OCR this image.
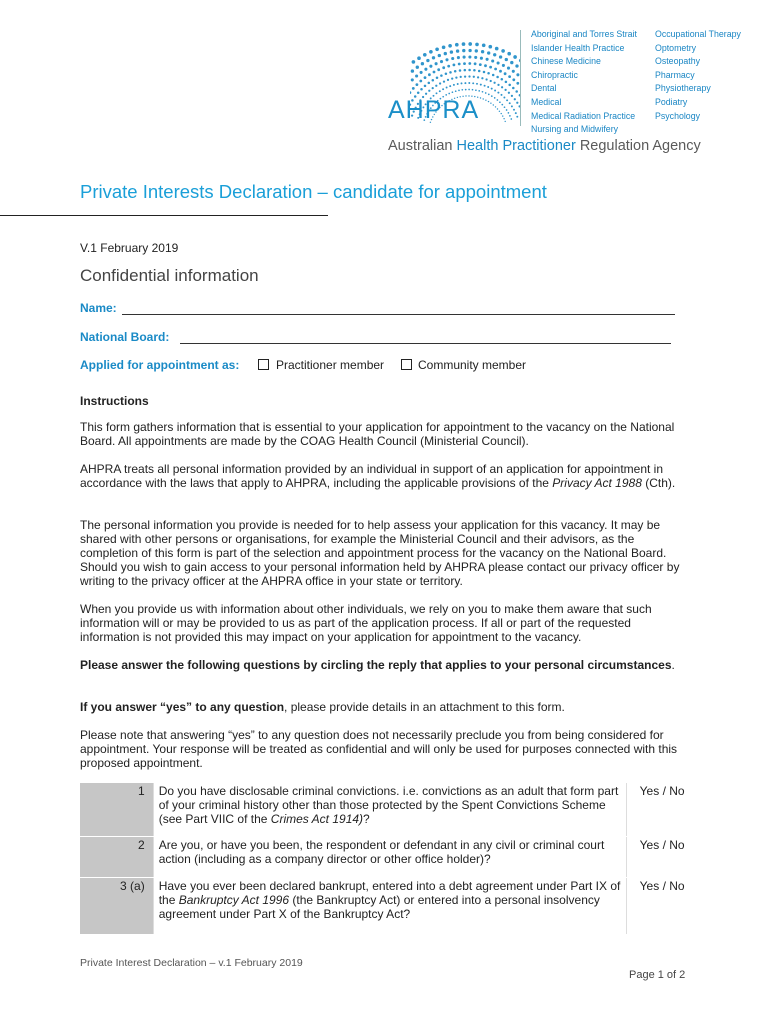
AHPRA
Aboriginal and Torres Strait
Islander Health Practice
Chinese Medicine
Chiropractic
Dental
Medical
Medical Radiation Practice
Nursing and Midwifery
Occupational Therapy
Optometry
Osteopathy
Pharmacy
Physiotherapy
Podiatry
Psychology
Australian Health Practitioner Regulation Agency
Private Interests Declaration – candidate for appointment
V.1 February 2019
Confidential information
Name:
National Board:
Applied for appointment as:	Practitioner member	Community member
Instructions
This form gathers information that is essential to your application for appointment to the vacancy on the National Board. All appointments are made by the COAG Health Council (Ministerial Council).
AHPRA treats all personal information provided by an individual in support of an application for appointment in accordance with the laws that apply to AHPRA, including the applicable provisions of the Privacy Act 1988 (Cth).
The personal information you provide is needed for to help assess your application for this vacancy. It may be shared with other persons or organisations, for example the Ministerial Council and their advisors, as the completion of this form is part of the selection and appointment process for the vacancy on the National Board. Should you wish to gain access to your personal information held by AHPRA please contact our privacy officer by writing to the privacy officer at the AHPRA office in your state or territory.
When you provide us with information about other individuals, we rely on you to make them aware that such information will or may be provided to us as part of the application process. If all or part of the requested information is not provided this may impact on your application for appointment to the vacancy.
Please answer the following questions by circling the reply that applies to your personal circumstances.
If you answer “yes” to any question, please provide details in an attachment to this form.
Please note that answering “yes” to any question does not necessarily preclude you from being considered for appointment. Your response will be treated as confidential and will only be used for purposes connected with this proposed appointment.
1	Do you have disclosable criminal convictions. i.e. convictions as an adult that form part of your criminal history other than those protected by the Spent Convictions Scheme (see Part VIIC of the Crimes Act 1914)?	Yes / No
2	Are you, or have you been, the respondent or defendant in any civil or criminal court action (including as a company director or other office holder)?	Yes / No
3 (a)	Have you ever been declared bankrupt, entered into a debt agreement under Part IX of the Bankruptcy Act 1996 (the Bankruptcy Act) or entered into a personal insolvency agreement under Part X of the Bankruptcy Act?	Yes / No
Private Interest Declaration – v.1 February 2019
Page 1 of 2
